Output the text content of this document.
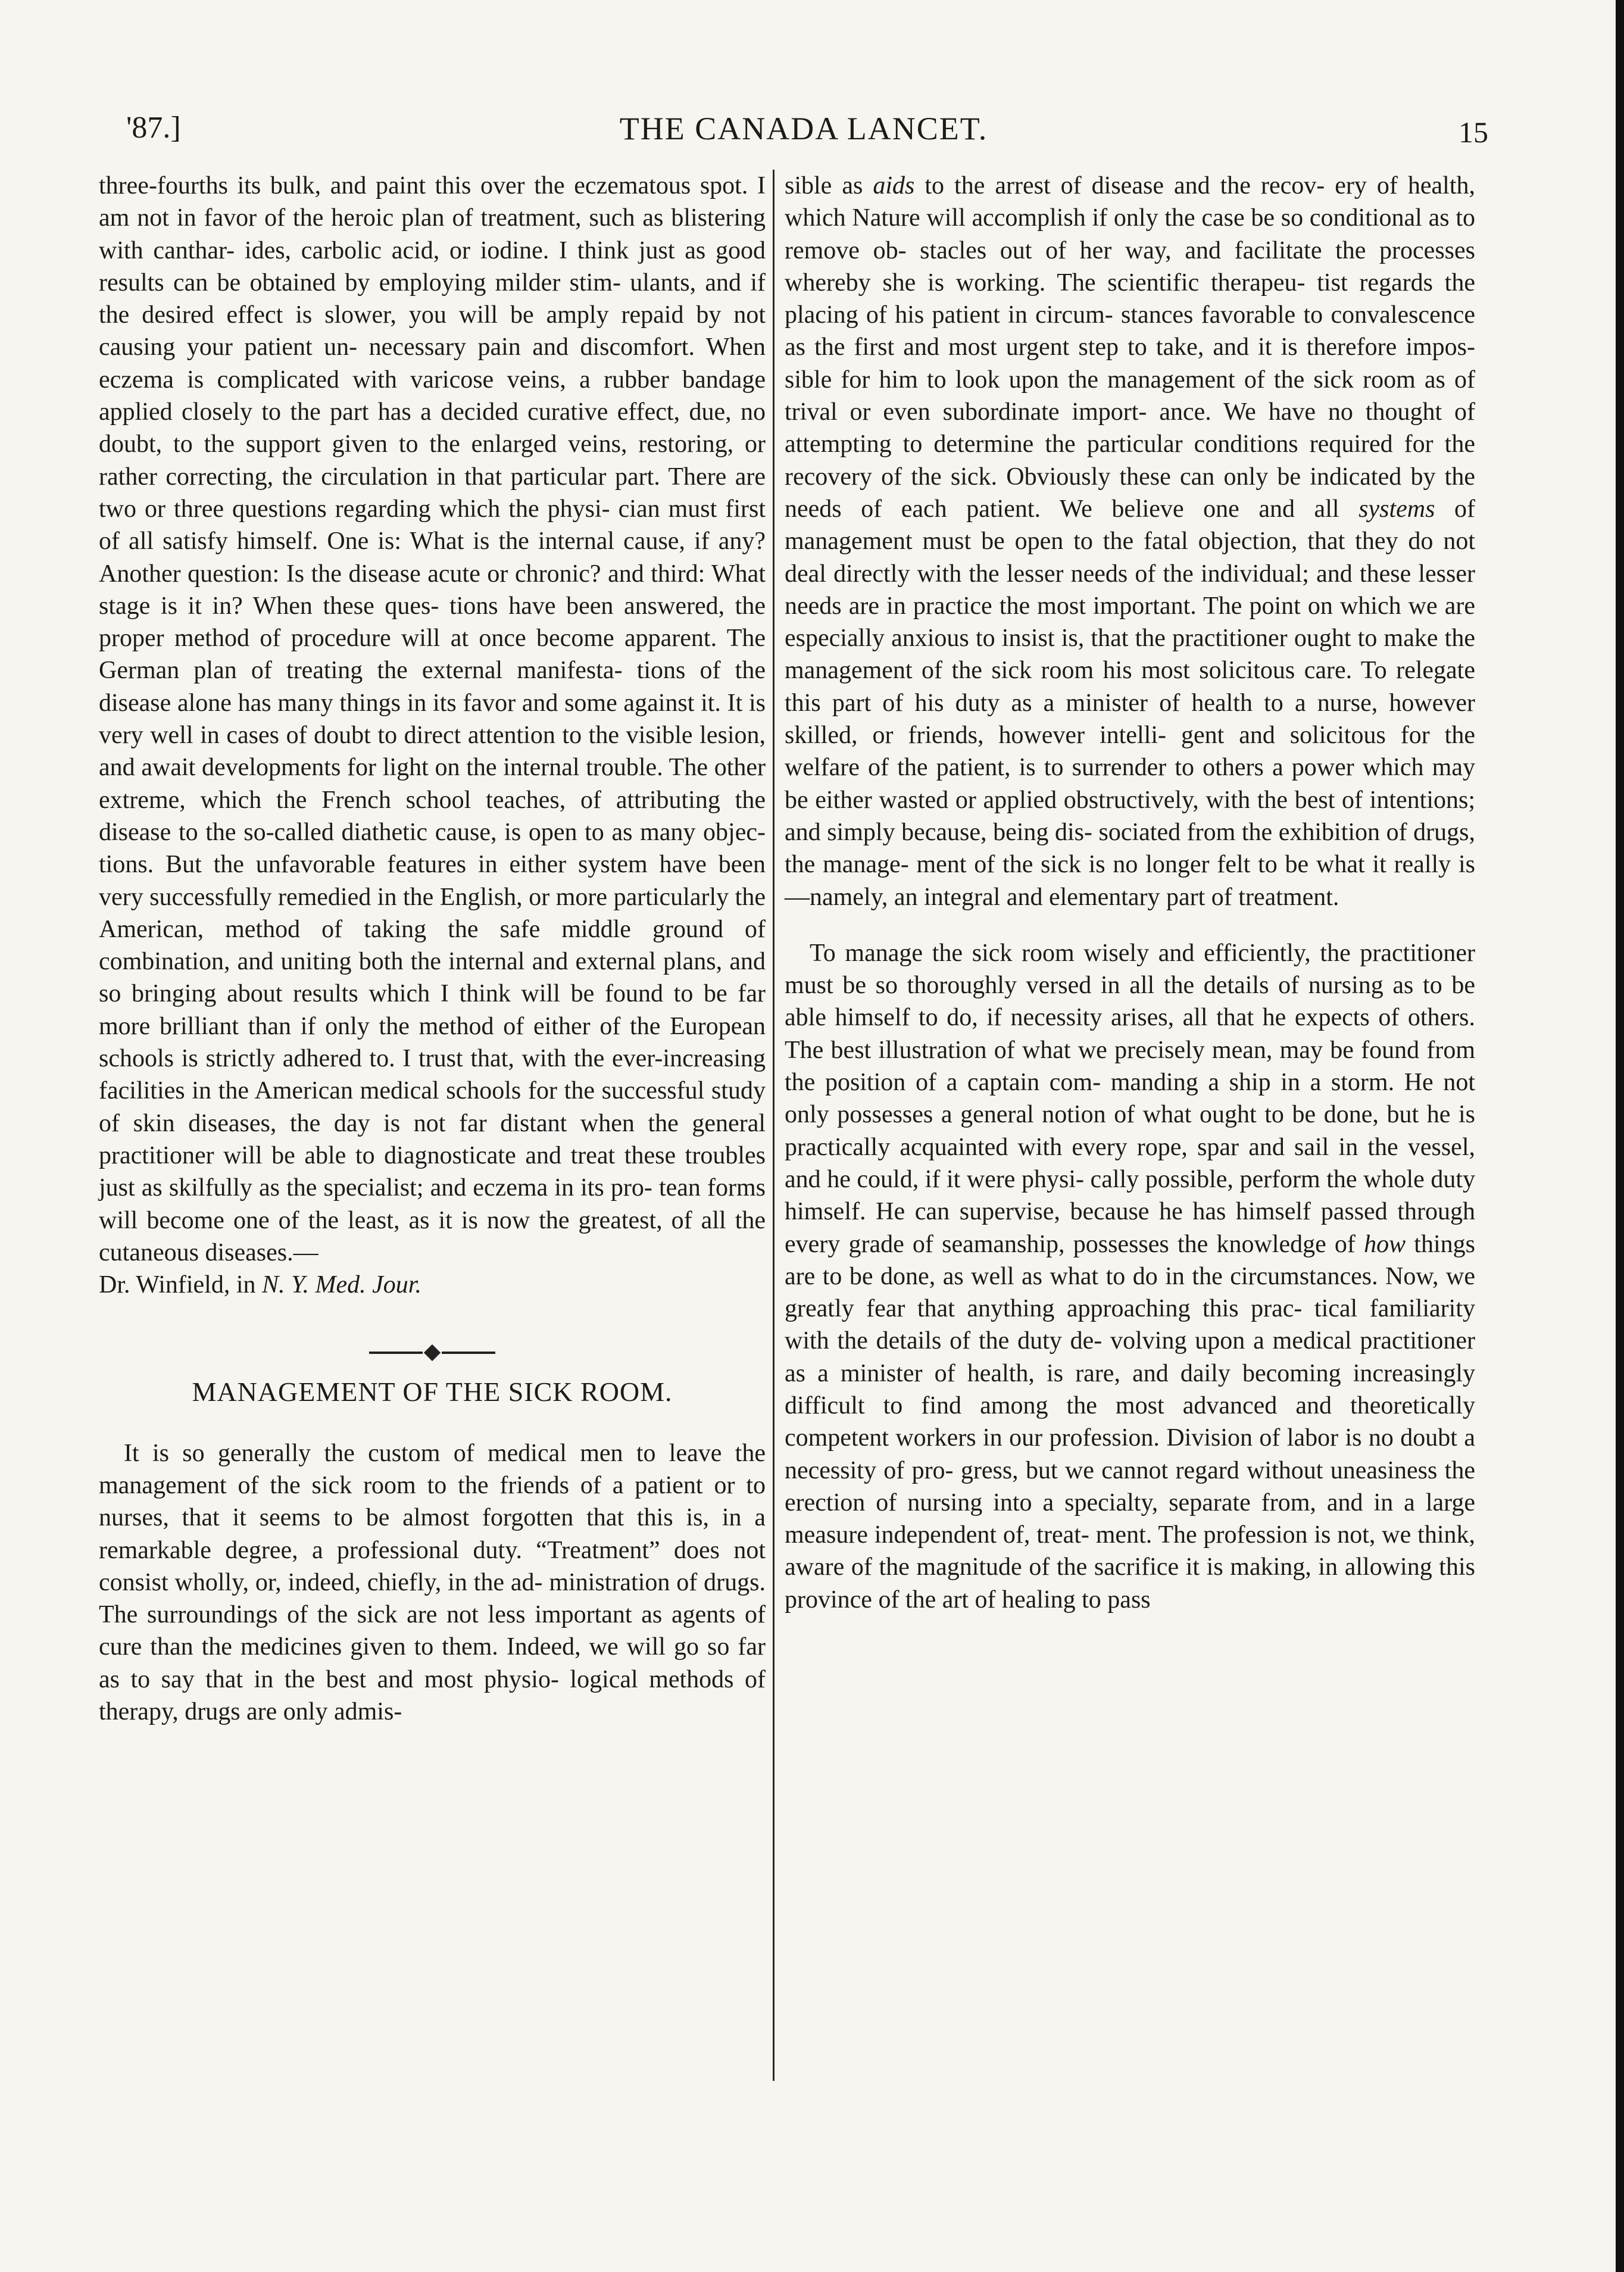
'87.]	THE CANADA LANCET.	15

three-fourths its bulk, and paint this over the eczematous spot. I am not in favor of the heroic plan of treatment, such as blistering with canthar- ides, carbolic acid, or iodine. I think just as good results can be obtained by employing milder stim- ulants, and if the desired effect is slower, you will be amply repaid by not causing your patient un- necessary pain and discomfort. When eczema is complicated with varicose veins, a rubber bandage applied closely to the part has a decided curative effect, due, no doubt, to the support given to the enlarged veins, restoring, or rather correcting, the circulation in that particular part. There are two or three questions regarding which the physi- cian must first of all satisfy himself. One is: What is the internal cause, if any? Another question: Is the disease acute or chronic? and third: What stage is it in? When these ques- tions have been answered, the proper method of procedure will at once become apparent. The German plan of treating the external manifesta- tions of the disease alone has many things in its favor and some against it. It is very well in cases of doubt to direct attention to the visible lesion, and await developments for light on the internal trouble. The other extreme, which the French school teaches, of attributing the disease to the so-called diathetic cause, is open to as many objec- tions. But the unfavorable features in either system have been very successfully remedied in the English, or more particularly the American, method of taking the safe middle ground of combination, and uniting both the internal and external plans, and so bringing about results which I think will be found to be far more brilliant than if only the method of either of the European schools is strictly adhered to. I trust that, with the ever-increasing facilities in the American medical schools for the successful study of skin diseases, the day is not far distant when the general practitioner will be able to diagnosticate and treat these troubles just as skilfully as the specialist; and eczema in its pro- tean forms will become one of the least, as it is now the greatest, of all the cutaneous diseases.—

Dr. Winfield, in N. Y. Med. Jour.

MANAGEMENT OF THE SICK ROOM.

It is so generally the custom of medical men to leave the management of the sick room to the friends of a patient or to nurses, that it seems to be almost forgotten that this is, in a remarkable degree, a professional duty. “Treatment” does not consist wholly, or, indeed, chiefly, in the ad- ministration of drugs. The surroundings of the sick are not less important as agents of cure than the medicines given to them. Indeed, we will go so far as to say that in the best and most physio- logical methods of therapy, drugs are only admis-

sible as aids to the arrest of disease and the recov- ery of health, which Nature will accomplish if only the case be so conditional as to remove ob- stacles out of her way, and facilitate the processes whereby she is working. The scientific therapeu- tist regards the placing of his patient in circum- stances favorable to convalescence as the first and most urgent step to take, and it is therefore impos- sible for him to look upon the management of the sick room as of trival or even subordinate import- ance. We have no thought of attempting to determine the particular conditions required for the recovery of the sick. Obviously these can only be indicated by the needs of each patient. We believe one and all systems of management must be open to the fatal objection, that they do not deal directly with the lesser needs of the individual; and these lesser needs are in practice the most important. The point on which we are especially anxious to insist is, that the practitioner ought to make the management of the sick room his most solicitous care. To relegate this part of his duty as a minister of health to a nurse, however skilled, or friends, however intelli- gent and solicitous for the welfare of the patient, is to surrender to others a power which may be either wasted or applied obstructively, with the best of intentions; and simply because, being dis- sociated from the exhibition of drugs, the manage- ment of the sick is no longer felt to be what it really is—namely, an integral and elementary part of treatment.

To manage the sick room wisely and efficiently, the practitioner must be so thoroughly versed in all the details of nursing as to be able himself to do, if necessity arises, all that he expects of others. The best illustration of what we precisely mean, may be found from the position of a captain com- manding a ship in a storm. He not only possesses a general notion of what ought to be done, but he is practically acquainted with every rope, spar and sail in the vessel, and he could, if it were physi- cally possible, perform the whole duty himself. He can supervise, because he has himself passed through every grade of seamanship, possesses the knowledge of how things are to be done, as well as what to do in the circumstances. Now, we greatly fear that anything approaching this prac- tical familiarity with the details of the duty de- volving upon a medical practitioner as a minister of health, is rare, and daily becoming increasingly difficult to find among the most advanced and theoretically competent workers in our profession. Division of labor is no doubt a necessity of pro- gress, but we cannot regard without uneasiness the erection of nursing into a specialty, separate from, and in a large measure independent of, treat- ment. The profession is not, we think, aware of the magnitude of the sacrifice it is making, in allowing this province of the art of healing to pass
